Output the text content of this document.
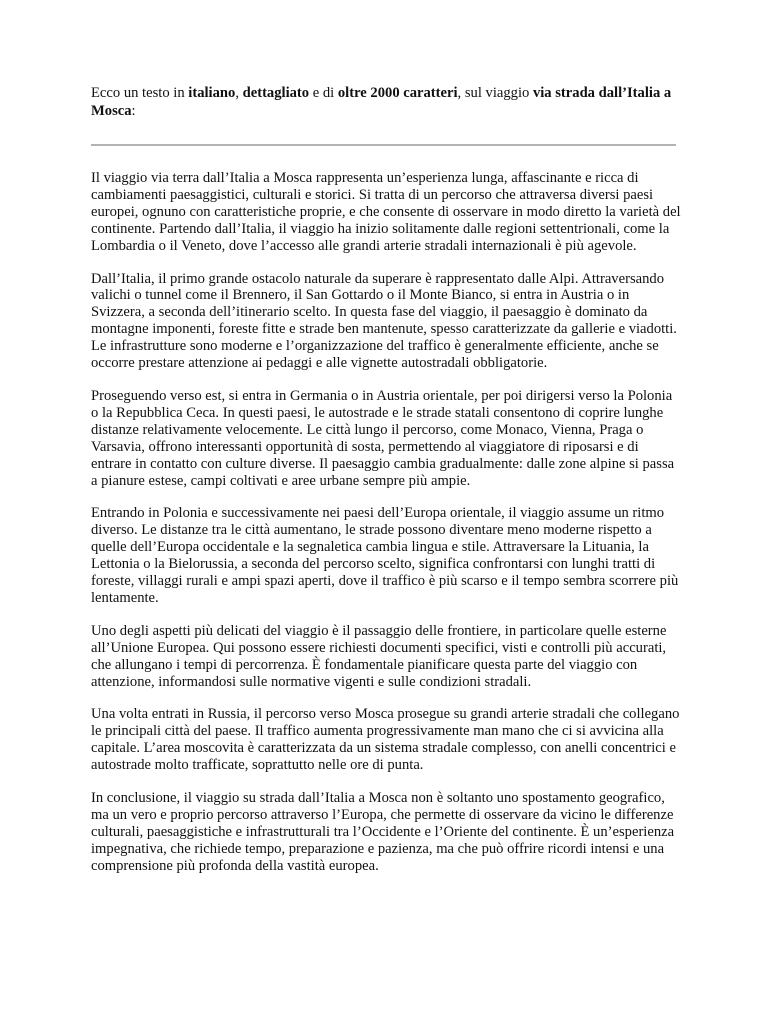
Ecco un testo in italiano, dettagliato e di oltre 2000 caratteri, sul viaggio via strada dall’Italia a Mosca:

Il viaggio via terra dall’Italia a Mosca rappresenta un’esperienza lunga, affascinante e ricca di cambiamenti paesaggistici, culturali e storici. Si tratta di un percorso che attraversa diversi paesi europei, ognuno con caratteristiche proprie, e che consente di osservare in modo diretto la varietà del continente. Partendo dall’Italia, il viaggio ha inizio solitamente dalle regioni settentrionali, come la Lombardia o il Veneto, dove l’accesso alle grandi arterie stradali internazionali è più agevole.

Dall’Italia, il primo grande ostacolo naturale da superare è rappresentato dalle Alpi. Attraversando valichi o tunnel come il Brennero, il San Gottardo o il Monte Bianco, si entra in Austria o in Svizzera, a seconda dell’itinerario scelto. In questa fase del viaggio, il paesaggio è dominato da montagne imponenti, foreste fitte e strade ben mantenute, spesso caratterizzate da gallerie e viadotti. Le infrastrutture sono moderne e l’organizzazione del traffico è generalmente efficiente, anche se occorre prestare attenzione ai pedaggi e alle vignette autostradali obbligatorie.

Proseguendo verso est, si entra in Germania o in Austria orientale, per poi dirigersi verso la Polonia o la Repubblica Ceca. In questi paesi, le autostrade e le strade statali consentono di coprire lunghe distanze relativamente velocemente. Le città lungo il percorso, come Monaco, Vienna, Praga o Varsavia, offrono interessanti opportunità di sosta, permettendo al viaggiatore di riposarsi e di entrare in contatto con culture diverse. Il paesaggio cambia gradualmente: dalle zone alpine si passa a pianure estese, campi coltivati e aree urbane sempre più ampie.

Entrando in Polonia e successivamente nei paesi dell’Europa orientale, il viaggio assume un ritmo diverso. Le distanze tra le città aumentano, le strade possono diventare meno moderne rispetto a quelle dell’Europa occidentale e la segnaletica cambia lingua e stile. Attraversare la Lituania, la Lettonia o la Bielorussia, a seconda del percorso scelto, significa confrontarsi con lunghi tratti di foreste, villaggi rurali e ampi spazi aperti, dove il traffico è più scarso e il tempo sembra scorrere più lentamente.

Uno degli aspetti più delicati del viaggio è il passaggio delle frontiere, in particolare quelle esterne all’Unione Europea. Qui possono essere richiesti documenti specifici, visti e controlli più accurati, che allungano i tempi di percorrenza. È fondamentale pianificare questa parte del viaggio con attenzione, informandosi sulle normative vigenti e sulle condizioni stradali.

Una volta entrati in Russia, il percorso verso Mosca prosegue su grandi arterie stradali che collegano le principali città del paese. Il traffico aumenta progressivamente man mano che ci si avvicina alla capitale. L’area moscovita è caratterizzata da un sistema stradale complesso, con anelli concentrici e autostrade molto trafficate, soprattutto nelle ore di punta.

In conclusione, il viaggio su strada dall’Italia a Mosca non è soltanto uno spostamento geografico, ma un vero e proprio percorso attraverso l’Europa, che permette di osservare da vicino le differenze culturali, paesaggistiche e infrastrutturali tra l’Occidente e l’Oriente del continente. È un’esperienza impegnativa, che richiede tempo, preparazione e pazienza, ma che può offrire ricordi intensi e una comprensione più profonda della vastità europea.
